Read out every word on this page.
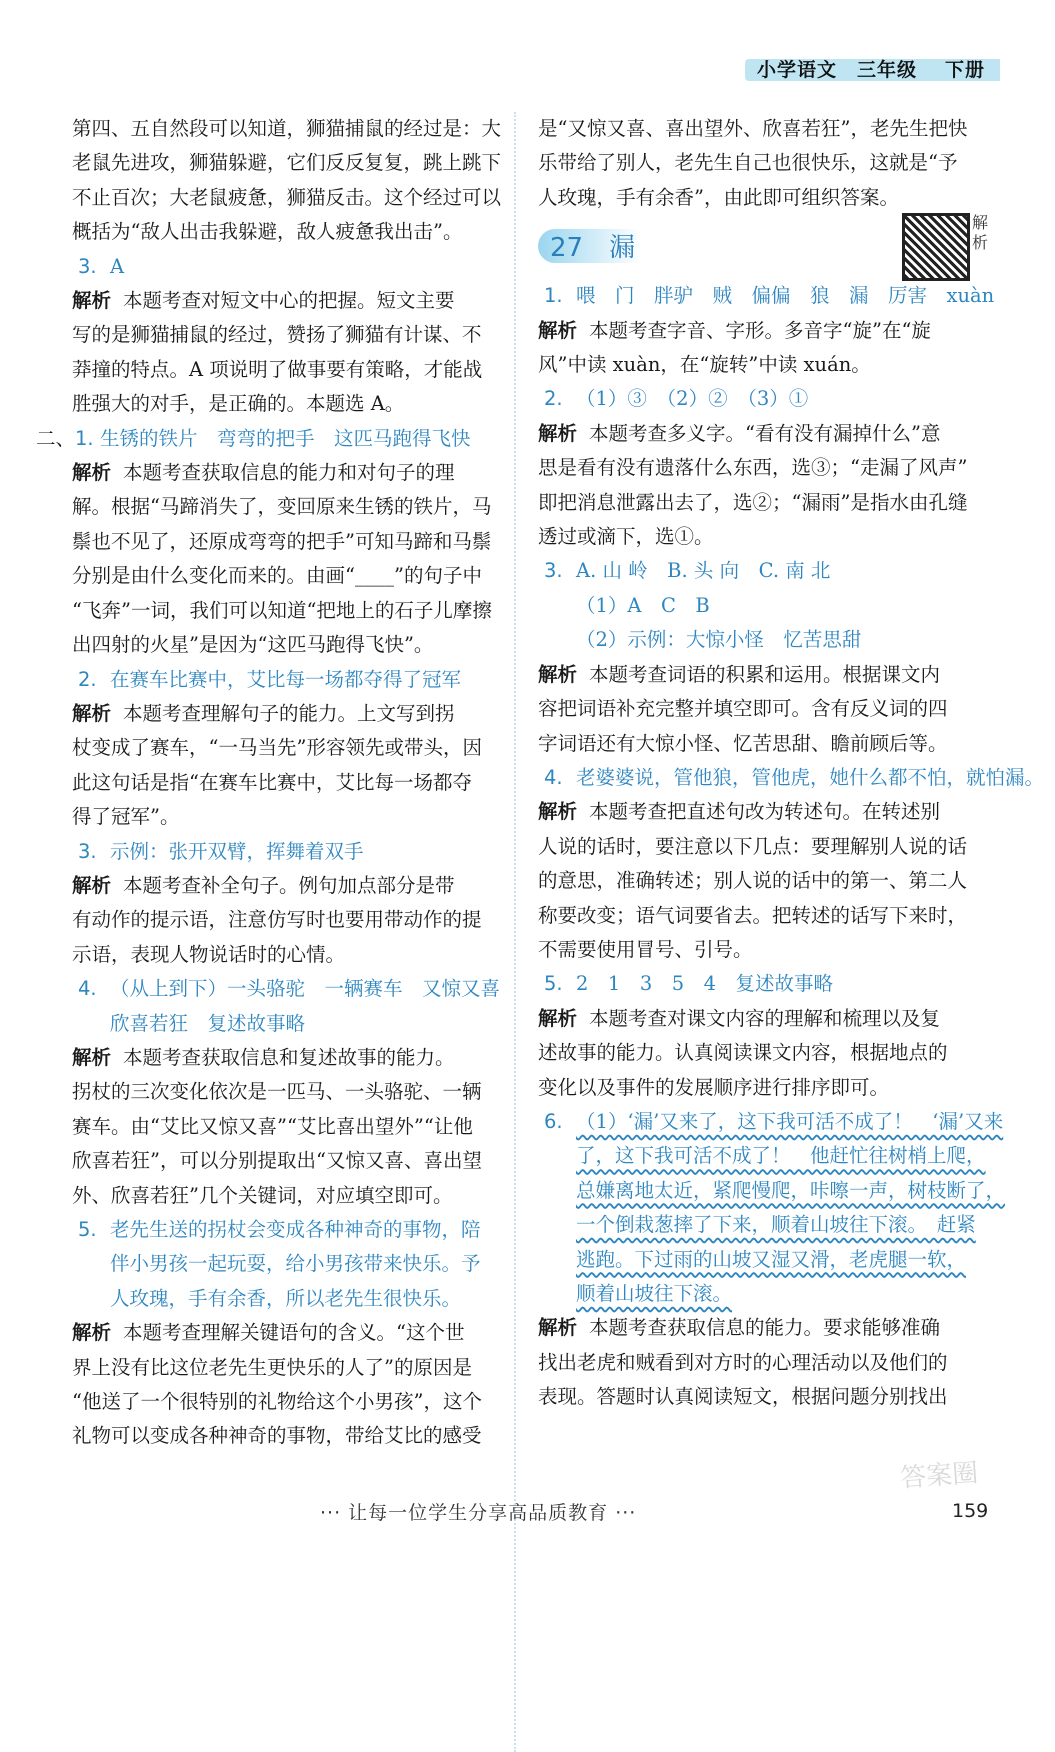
小学语文 三年级 下册

第四、五自然段可以知道，狮猫捕鼠的经过是：大

老鼠先进攻，狮猫躲避，它们反反复复，跳上跳下

不止百次；大老鼠疲惫，狮猫反击。这个经过可以

概括为“敌人出击我躲避，敌人疲惫我出击”。

3. A

解析 本题考查对短文中心的把握。短文主要

写的是狮猫捕鼠的经过，赞扬了狮猫有计谋、不

莽撞的特点。A 项说明了做事要有策略，才能战

胜强大的对手，是正确的。本题选 A。

二、1. 生锈的铁片　弯弯的把手　这匹马跑得飞快

解析 本题考查获取信息的能力和对句子的理

解。根据“马蹄消失了，变回原来生锈的铁片，马

鬃也不见了，还原成弯弯的把手”可知马蹄和马鬃

分别是由什么变化而来的。由画“____”的句子中

“飞奔”一词，我们可以知道“把地上的石子儿摩擦

出四射的火星”是因为“这匹马跑得飞快”。

2. 在赛车比赛中，艾比每一场都夺得了冠军

解析 本题考查理解句子的能力。上文写到拐

杖变成了赛车，“一马当先”形容领先或带头，因

此这句话是指“在赛车比赛中，艾比每一场都夺

得了冠军”。

3. 示例：张开双臂，挥舞着双手

解析 本题考查补全句子。例句加点部分是带

有动作的提示语，注意仿写时也要用带动作的提

示语，表现人物说话时的心情。

4. （从上到下）一头骆驼　一辆赛车　又惊又喜

欣喜若狂　复述故事略

解析 本题考查获取信息和复述故事的能力。

拐杖的三次变化依次是一匹马、一头骆驼、一辆

赛车。由“艾比又惊又喜”“艾比喜出望外”“让他

欣喜若狂”，可以分别提取出“又惊又喜、喜出望

外、欣喜若狂”几个关键词，对应填空即可。

5. 老先生送的拐杖会变成各种神奇的事物，陪

伴小男孩一起玩耍，给小男孩带来快乐。予

人玫瑰，手有余香，所以老先生很快乐。

解析 本题考查理解关键语句的含义。“这个世

界上没有比这位老先生更快乐的人了”的原因是

“他送了一个很特别的礼物给这个小男孩”，这个

礼物可以变成各种神奇的事物，带给艾比的感受

是“又惊又喜、喜出望外、欣喜若狂”，老先生把快

乐带给了别人，老先生自己也很快乐，这就是“予

人玫瑰，手有余香”，由此即可组织答案。

27　 漏
解析

1. 喂　门　胖驴　贼　偏偏　狼　漏　厉害　xuàn

解析 本题考查字音、字形。多音字“旋”在“旋

风”中读 xuàn，在“旋转”中读 xuán。

2. （1）③　（2）②　（3）①

解析 本题考查多义字。“看有没有漏掉什么”意

思是看有没有遗落什么东西，选③；“走漏了风声”

即把消息泄露出去了，选②；“漏雨”是指水由孔缝

透过或滴下，选①。

3. A. 山 岭　B. 头 向　C. 南 北

（1）A　C　B

（2）示例：大惊小怪　忆苦思甜

解析 本题考查词语的积累和运用。根据课文内

容把词语补充完整并填空即可。含有反义词的四

字词语还有大惊小怪、忆苦思甜、瞻前顾后等。

4. 老婆婆说，管他狼，管他虎，她什么都不怕，就怕漏。

解析 本题考查把直述句改为转述句。在转述别

人说的话时，要注意以下几点：要理解别人说的话

的意思，准确转述；别人说的话中的第一、第二人

称要改变；语气词要省去。把转述的话写下来时，

不需要使用冒号、引号。

5. 2　1　3　5　4　复述故事略

解析 本题考查对课文内容的理解和梳理以及复

述故事的能力。认真阅读课文内容，根据地点的

变化以及事件的发展顺序进行排序即可。

6. （1）‘漏’又来了，这下我可活不成了！　‘漏’又来

了，这下我可活不成了！　他赶忙往树梢上爬，

总嫌离地太近，紧爬慢爬，咔嚓一声，树枝断了，

一个倒栽葱摔了下来，顺着山坡往下滚。　赶紧

逃跑。下过雨的山坡又湿又滑，老虎腿一软，

顺着山坡往下滚。

解析 本题考查获取信息的能力。要求能够准确

找出老虎和贼看到对方时的心理活动以及他们的

表现。答题时认真阅读短文，根据问题分别找出

答案圈
··· 让每一位学生分享高品质教育 ···	159
